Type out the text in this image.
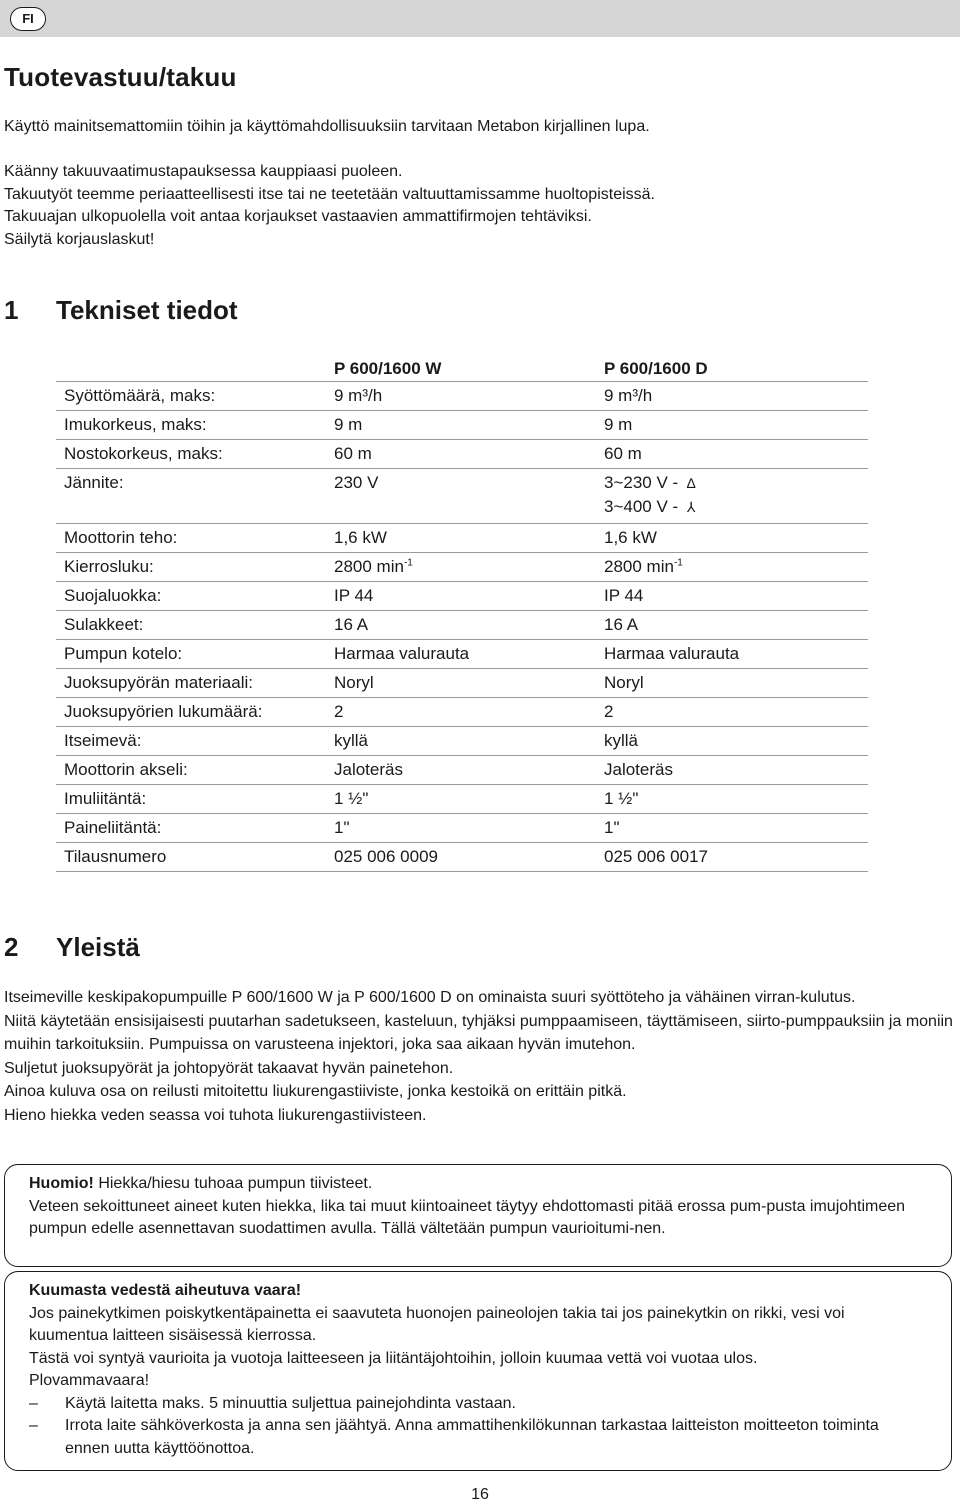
FI
Tuotevastuu/takuu

Käyttö mainitsemattomiin töihin ja käyttömahdollisuuksiin tarvitaan Metabon kirjallinen lupa.

Käänny takuuvaatimustapauksessa kauppiaasi puoleen.
Takuutyöt teemme periaatteellisesti itse tai ne teetetään valtuuttamissamme huoltopisteissä.
Takuuajan ulkopuolella voit antaa korjaukset vastaavien ammattifirmojen tehtäviksi.
Säilytä korjauslaskut!
1 Tekniset tiedot
	P 600/1600 W	P 600/1600 D
Syöttömäärä, maks:	9 m³/h	9 m³/h
Imukorkeus, maks:	9 m	9 m
Nostokorkeus, maks:	60 m	60 m
Jännite:	230 V	3~230 V - ∆
3~400 V - ⅄

Moottorin teho:	1,6 kW	1,6 kW
Kierrosluku:	2800 $\min^{-1}$	2800 $\min^{-1}$
Suojaluokka:	IP 44	IP 44
Sulakkeet:	16 A	16 A
Pumpun kotelo:	Harmaa valurauta	Harmaa valurauta
Juoksupyörän materiaali:	Noryl	Noryl
Juoksupyörien lukumäärä:	2	2
Itseimevä:	kyllä	kyllä
Moottorin akseli:	Jaloteräs	Jaloteräs
Imuliitäntä:	1 ½"	1 ½"
Paineliitäntä:	1"	1"
Tilausnumero	025 006 0009	025 006 0017
2 Yleistä

Itseimeville keskipakopumpuille P 600/1600 W ja P 600/1600 D on ominaista suuri syöttöteho ja vähäinen virran-kulutus.

Niitä käytetään ensisijaisesti puutarhan sadetukseen, kasteluun, tyhjäksi pumppaamiseen, täyttämiseen, siirto-pumppauksiin ja moniin muihin tarkoituksiin. Pumpuissa on varusteena injektori, joka saa aikaan hyvän imutehon.

Suljetut juoksupyörät ja johtopyörät takaavat hyvän painetehon.

Ainoa kuluva osa on reilusti mitoitettu liukurengastiiviste, jonka kestoikä on erittäin pitkä.

Hieno hiekka veden seassa voi tuhota liukurengastiivisteen.

Huomio! Hiekka/hiesu tuhoaa pumpun tiivisteet.

Veteen sekoittuneet aineet kuten hiekka, lika tai muut kiintoaineet täytyy ehdottomasti pitää erossa pum-pusta imujohtimeen pumpun edelle asennettavan suodattimen avulla. Tällä vältetään pumpun vaurioitumi-nen.

Kuumasta vedestä aiheutuva vaara!

Jos painekytkimen poiskytkentäpainetta ei saavuteta huonojen paineolojen takia tai jos painekytkin on rikki, vesi voi kuumentua laitteen sisäisessä kierrossa.

Tästä voi syntyä vaurioita ja vuotoja laitteeseen ja liitäntäjohtoihin, jolloin kuumaa vettä voi vuotaa ulos.

Plovammavaara!

–	Käytä laitetta maks. 5 minuuttia suljettua painejohdinta vastaan.
–	Irrota laite sähköverkosta ja anna sen jäähtyä. Anna ammattihenkilökunnan tarkastaa laitteiston moitteeton toiminta ennen uutta käyttöönottoa.
16
